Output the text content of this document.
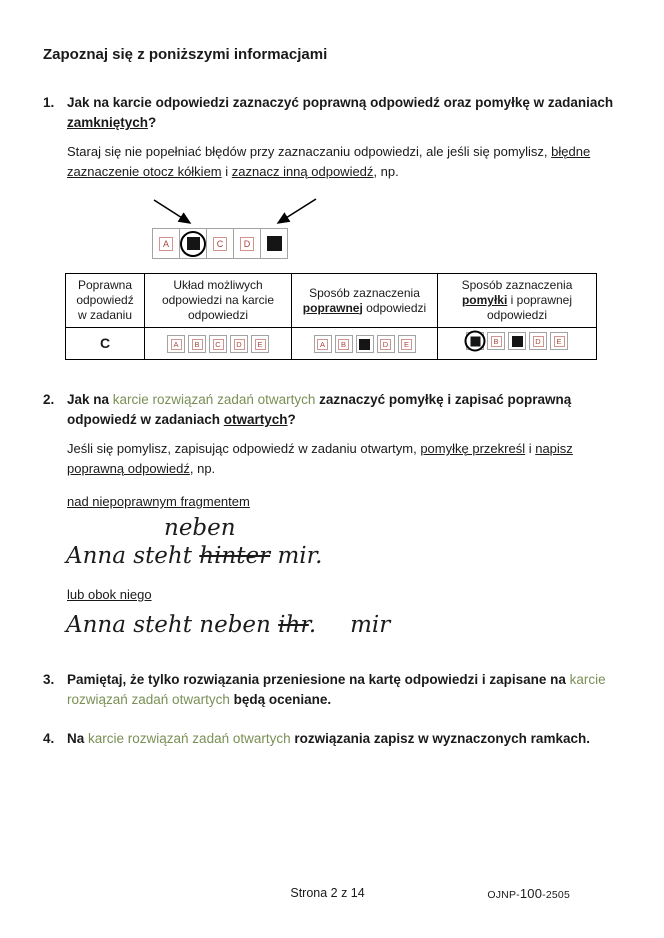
Zapoznaj się z poniższymi informacjami
1. Jak na karcie odpowiedzi zaznaczyć poprawną odpowiedź oraz pomyłkę w zadaniach
zamkniętych?
Staraj się nie popełniać błędów przy zaznaczaniu odpowiedzi, ale jeśli się pomylisz, błędne
zaznaczenie otocz kółkiem i zaznacz inną odpowiedź, np.
A	C	D
Poprawna
odpowiedź
w zadaniu

Układ możliwych
odpowiedzi na karcie
odpowiedzi

Sposób zaznaczenia
poprawnej odpowiedzi

Sposób zaznaczenia
pomyłki i poprawnej
odpowiedzi

C	A B C D E	A B D E	B D E
2. Jak na karcie rozwiązań zadań otwartych zaznaczyć pomyłkę i zapisać poprawną
odpowiedź w zadaniach otwartych?
Jeśli się pomylisz, zapisując odpowiedź w zadaniu otwartym, pomyłkę przekreśl i napisz
poprawną odpowiedź, np.
nad niepoprawnym fragmentem
neben
Anna steht hinter mir.
lub obok niego
Anna steht neben ihr. mir
3. Pamiętaj, że tylko rozwiązania przeniesione na kartę odpowiedzi i zapisane na karcie
rozwiązań zadań otwartych będą oceniane.
4. Na karcie rozwiązań zadań otwartych rozwiązania zapisz w wyznaczonych ramkach.
Strona 2 z 14	OJNP-100-2505
